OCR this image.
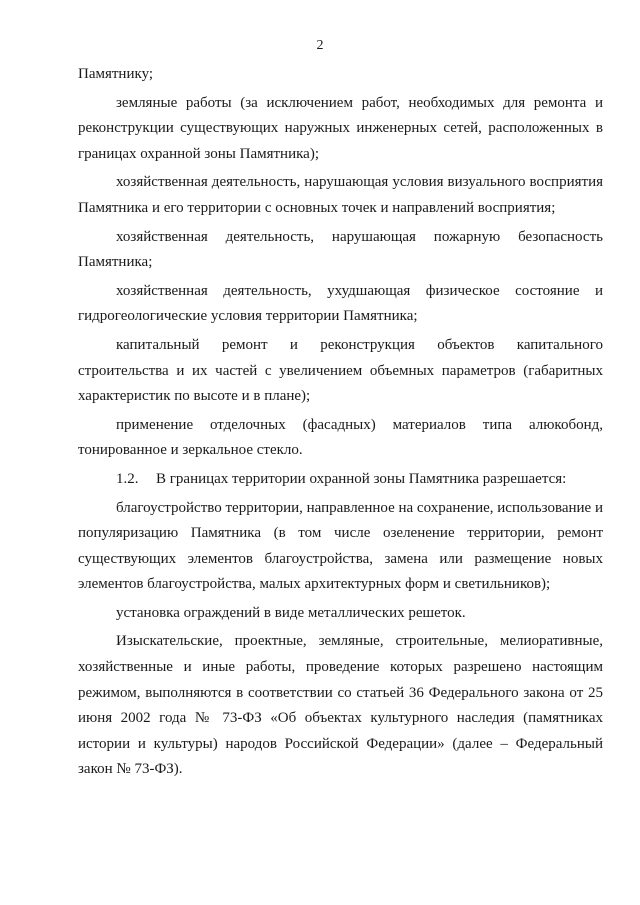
2

Памятнику;

земляные работы (за исключением работ, необходимых для ремонта и реконструкции существующих наружных инженерных сетей, расположенных в границах охранной зоны Памятника);

хозяйственная деятельность, нарушающая условия визуального восприятия Памятника и его территории с основных точек и направлений восприятия;

хозяйственная деятельность, нарушающая пожарную безопасность Памятника;

хозяйственная деятельность, ухудшающая физическое состояние и гидрогеологические условия территории Памятника;

капитальный ремонт и реконструкция объектов капитального строительства и их частей с увеличением объемных параметров (габаритных характеристик по высоте и в плане);

применение отделочных (фасадных) материалов типа алюкобонд, тонированное и зеркальное стекло.

1.2. В границах территории охранной зоны Памятника разрешается:

благоустройство территории, направленное на сохранение, использование и популяризацию Памятника (в том числе озеленение территории, ремонт существующих элементов благоустройства, замена или размещение новых элементов благоустройства, малых архитектурных форм и светильников);

установка ограждений в виде металлических решеток.

Изыскательские, проектные, земляные, строительные, мелиоративные, хозяйственные и иные работы, проведение которых разрешено настоящим режимом, выполняются в соответствии со статьей 36 Федерального закона от 25 июня 2002 года № 73-ФЗ «Об объектах культурного наследия (памятниках истории и культуры) народов Российской Федерации» (далее – Федеральный закон № 73-ФЗ).
